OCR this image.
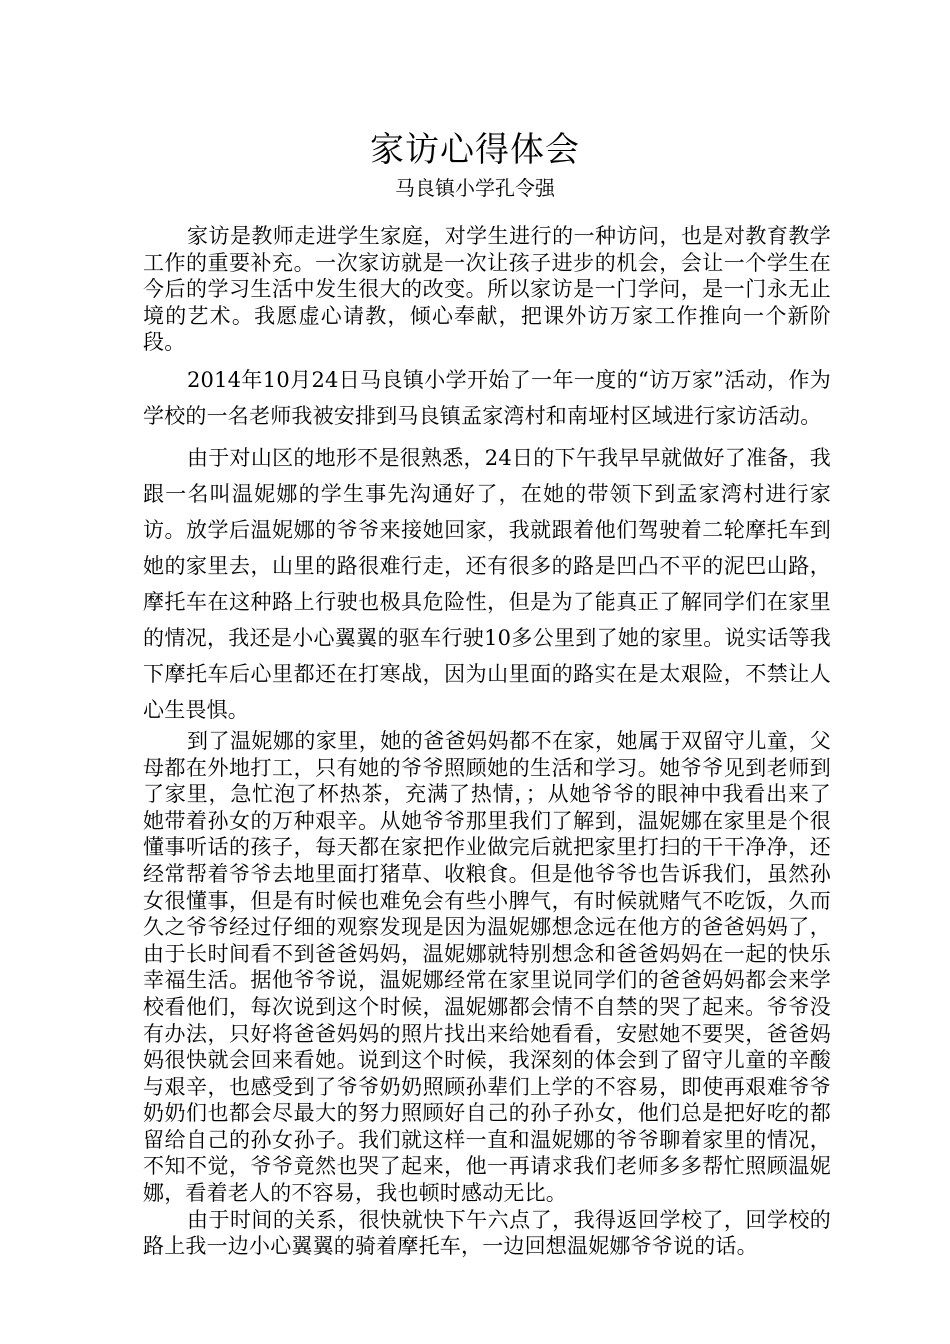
家访心得体会
马良镇小学孔令强

家访是教师走进学生家庭，对学生进行的一种访问，也是对教育教学工作的重要补充。一次家访就是一次让孩子进步的机会，会让一个学生在今后的学习生活中发生很大的改变。所以家访是一门学问，是一门永无止境的艺术。我愿虚心请教，倾心奉献，把课外访万家工作推向一个新阶段。

2014年10月24日马良镇小学开始了一年一度的“访万家”活动，作为学校的一名老师我被安排到马良镇孟家湾村和南垭村区域进行家访活动。

由于对山区的地形不是很熟悉，24日的下午我早早就做好了准备，我跟一名叫温妮娜的学生事先沟通好了，在她的带领下到孟家湾村进行家访。放学后温妮娜的爷爷来接她回家，我就跟着他们驾驶着二轮摩托车到她的家里去，山里的路很难行走，还有很多的路是凹凸不平的泥巴山路，摩托车在这种路上行驶也极具危险性，但是为了能真正了解同学们在家里的情况，我还是小心翼翼的驱车行驶10多公里到了她的家里。说实话等我下摩托车后心里都还在打寒战，因为山里面的路实在是太艰险，不禁让人心生畏惧。

到了温妮娜的家里，她的爸爸妈妈都不在家，她属于双留守儿童，父母都在外地打工，只有她的爷爷照顾她的生活和学习。她爷爷见到老师到了家里，急忙泡了杯热茶，充满了热情，；从她爷爷的眼神中我看出来了她带着孙女的万种艰辛。从她爷爷那里我们了解到，温妮娜在家里是个很懂事听话的孩子，每天都在家把作业做完后就把家里打扫的干干净净，还经常帮着爷爷去地里面打猪草、收粮食。但是他爷爷也告诉我们，虽然孙女很懂事，但是有时候也难免会有些小脾气，有时候就赌气不吃饭，久而久之爷爷经过仔细的观察发现是因为温妮娜想念远在他方的爸爸妈妈了，由于长时间看不到爸爸妈妈，温妮娜就特别想念和爸爸妈妈在一起的快乐幸福生活。据他爷爷说，温妮娜经常在家里说同学们的爸爸妈妈都会来学校看他们，每次说到这个时候，温妮娜都会情不自禁的哭了起来。爷爷没有办法，只好将爸爸妈妈的照片找出来给她看看，安慰她不要哭，爸爸妈妈很快就会回来看她。说到这个时候，我深刻的体会到了留守儿童的辛酸与艰辛，也感受到了爷爷奶奶照顾孙辈们上学的不容易，即使再艰难爷爷奶奶们也都会尽最大的努力照顾好自己的孙子孙女，他们总是把好吃的都留给自己的孙女孙子。我们就这样一直和温妮娜的爷爷聊着家里的情况，不知不觉，爷爷竟然也哭了起来，他一再请求我们老师多多帮忙照顾温妮娜，看着老人的不容易，我也顿时感动无比。

由于时间的关系，很快就快下午六点了，我得返回学校了，回学校的路上我一边小心翼翼的骑着摩托车，一边回想温妮娜爷爷说的话。
